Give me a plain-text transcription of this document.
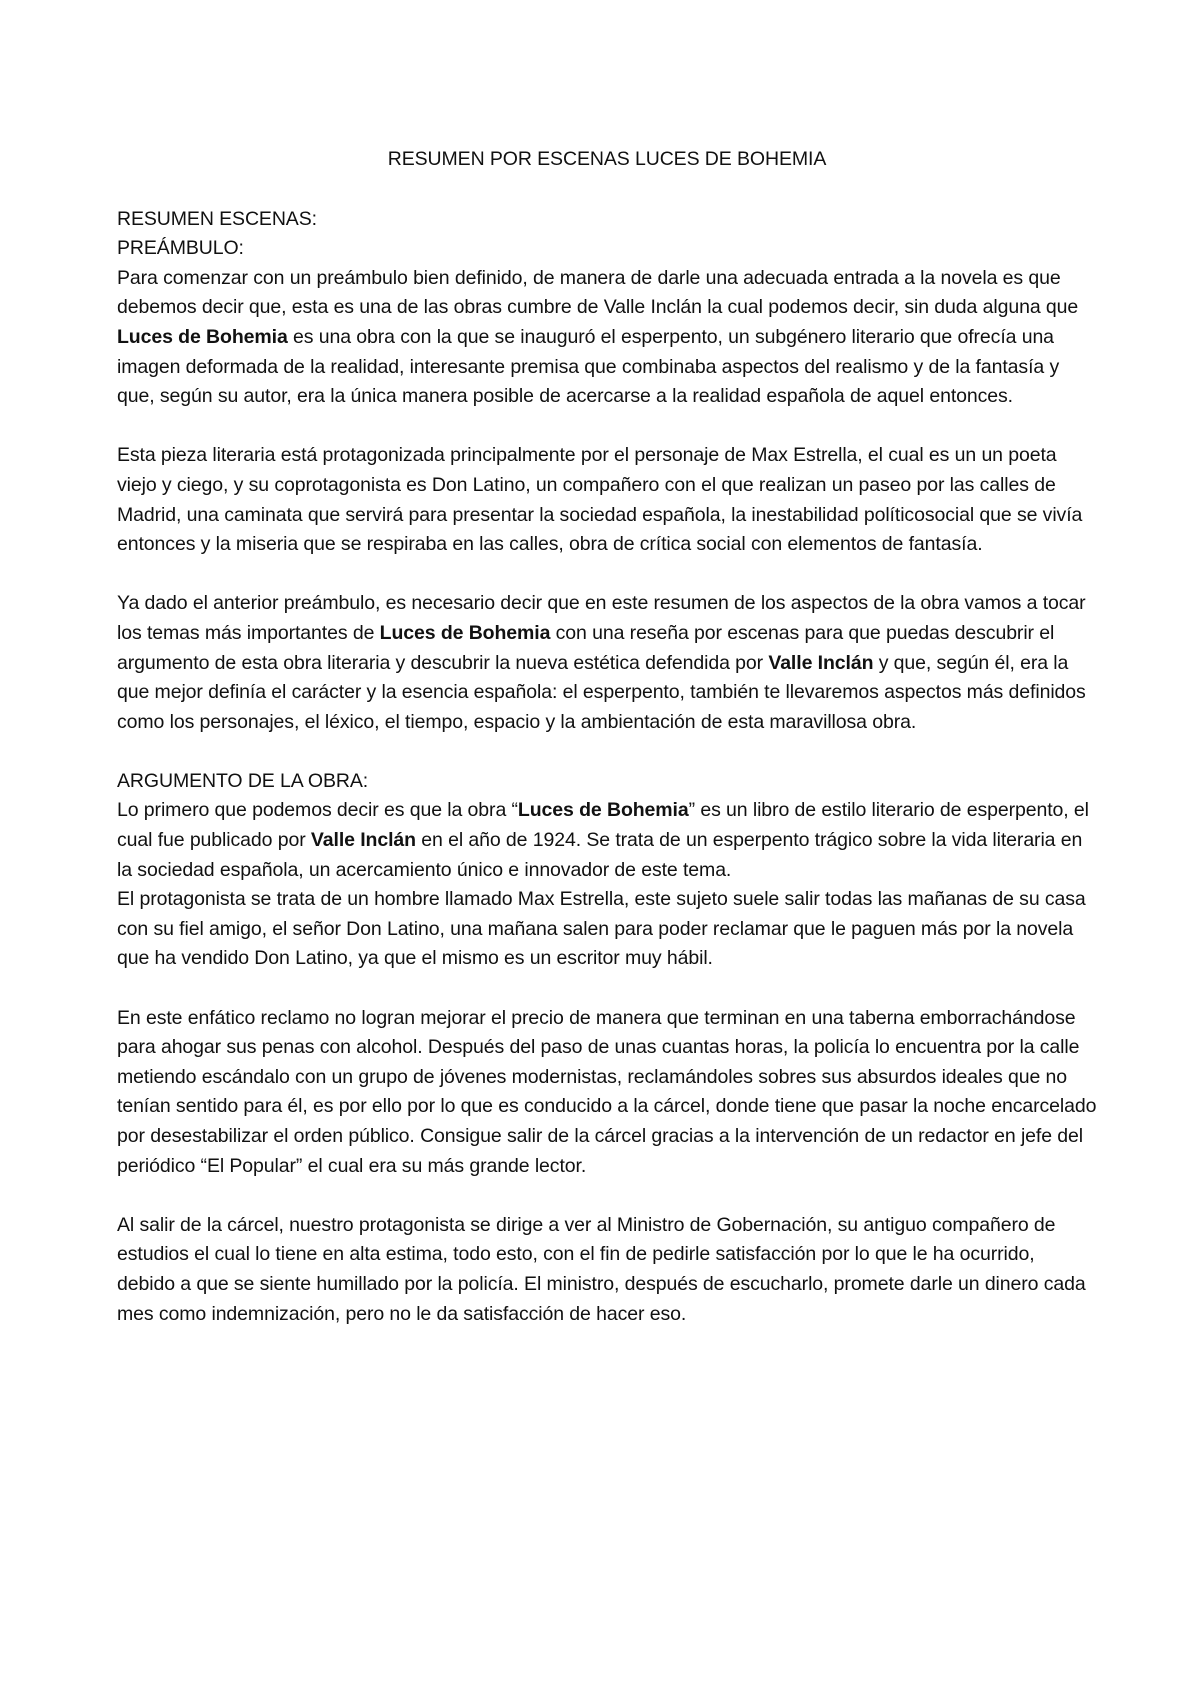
RESUMEN POR ESCENAS LUCES DE BOHEMIA

RESUMEN ESCENAS:

PREÁMBULO:

Para comenzar con un preámbulo bien definido, de manera de darle una adecuada entrada a la novela es que debemos decir que, esta es una de las obras cumbre de Valle Inclán la cual podemos decir, sin duda alguna que Luces de Bohemia es una obra con la que se inauguró el esperpento, un subgénero literario que ofrecía una imagen deformada de la realidad, interesante premisa que combinaba aspectos del realismo y de la fantasía y que, según su autor, era la única manera posible de acercarse a la realidad española de aquel entonces.

Esta pieza literaria está protagonizada principalmente por el personaje de Max Estrella, el cual es un un poeta viejo y ciego, y su coprotagonista es Don Latino, un compañero con el que realizan un paseo por las calles de Madrid, una caminata que servirá para presentar la sociedad española, la inestabilidad políticosocial que se vivía entonces y la miseria que se respiraba en las calles, obra de crítica social con elementos de fantasía.

Ya dado el anterior preámbulo, es necesario decir que en este resumen de los aspectos de la obra vamos a tocar los temas más importantes de Luces de Bohemia con una reseña por escenas para que puedas descubrir el argumento de esta obra literaria y descubrir la nueva estética defendida por Valle Inclán y que, según él, era la que mejor definía el carácter y la esencia española: el esperpento, también te llevaremos aspectos más definidos como los personajes, el léxico, el tiempo, espacio y la ambientación de esta maravillosa obra.

ARGUMENTO DE LA OBRA:

Lo primero que podemos decir es que la obra “Luces de Bohemia” es un libro de estilo literario de esperpento, el cual fue publicado por Valle Inclán en el año de 1924. Se trata de un esperpento trágico sobre la vida literaria en la sociedad española, un acercamiento único e innovador de este tema.

El protagonista se trata de un hombre llamado Max Estrella, este sujeto suele salir todas las mañanas de su casa con su fiel amigo, el señor Don Latino, una mañana salen para poder reclamar que le paguen más por la novela que ha vendido Don Latino, ya que el mismo es un escritor muy hábil.

En este enfático reclamo no logran mejorar el precio de manera que terminan en una taberna emborrachándose para ahogar sus penas con alcohol. Después del paso de unas cuantas horas, la policía lo encuentra por la calle metiendo escándalo con un grupo de jóvenes modernistas, reclamándoles sobres sus absurdos ideales que no tenían sentido para él, es por ello por lo que es conducido a la cárcel, donde tiene que pasar la noche encarcelado por desestabilizar el orden público. Consigue salir de la cárcel gracias a la intervención de un redactor en jefe del periódico “El Popular” el cual era su más grande lector.

Al salir de la cárcel, nuestro protagonista se dirige a ver al Ministro de Gobernación, su antiguo compañero de estudios el cual lo tiene en alta estima, todo esto, con el fin de pedirle satisfacción por lo que le ha ocurrido, debido a que se siente humillado por la policía. El ministro, después de escucharlo, promete darle un dinero cada mes como indemnización, pero no le da satisfacción de hacer eso.
